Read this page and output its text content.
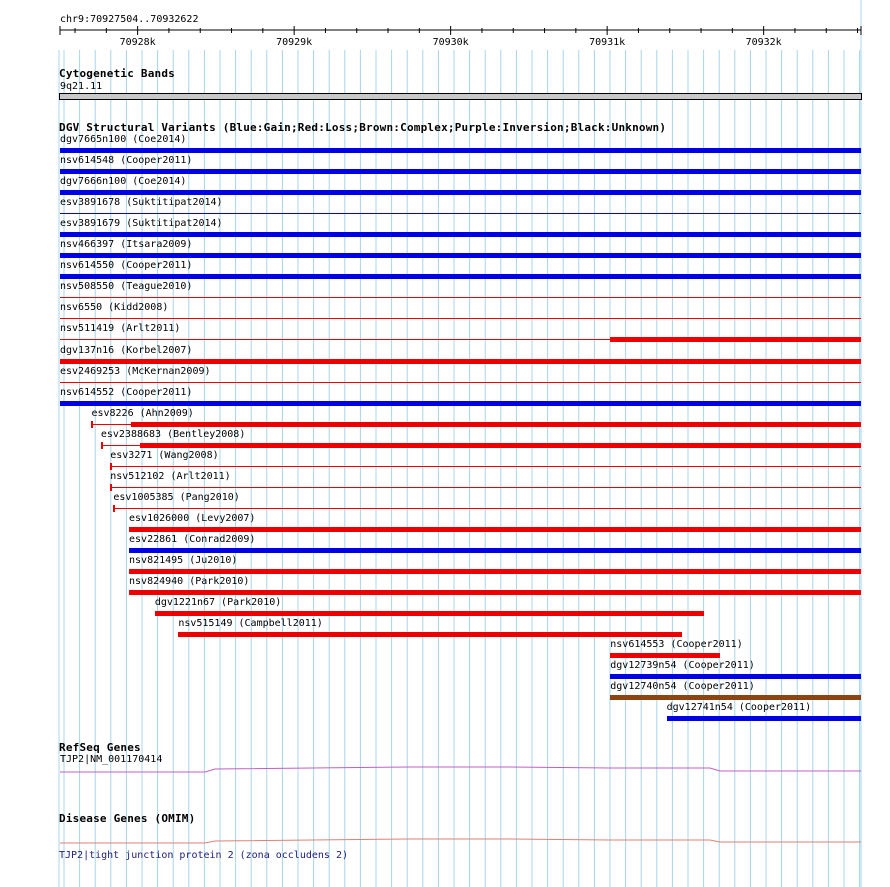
chr9:70927504..70932622
70928k	70929k	70930k	70931k	70932k
Cytogenetic Bands
9q21.11
DGV Structural Variants (Blue:Gain;Red:Loss;Brown:Complex;Purple:Inversion;Black:Unknown)
dgv7665n100 (Coe2014)
nsv614548 (Cooper2011)
dgv7666n100 (Coe2014)
esv3891678 (Suktitipat2014)
esv3891679 (Suktitipat2014)
nsv466397 (Itsara2009)
nsv614550 (Cooper2011)
nsv508550 (Teague2010)
nsv6550 (Kidd2008)
nsv511419 (Arlt2011)
dgv137n16 (Korbel2007)
esv2469253 (McKernan2009)
nsv614552 (Cooper2011)
esv8226 (Ahn2009)
esv2388683 (Bentley2008)
esv3271 (Wang2008)
nsv512102 (Arlt2011)
esv1005385 (Pang2010)
esv1026000 (Levy2007)
esv22861 (Conrad2009)
nsv821495 (Ju2010)
nsv824940 (Park2010)
dgv1221n67 (Park2010)
nsv515149 (Campbell2011)
nsv614553 (Cooper2011)
dgv12739n54 (Cooper2011)
dgv12740n54 (Cooper2011)
dgv12741n54 (Cooper2011)
RefSeq Genes
TJP2|NM_001170414
Disease Genes (OMIM)
TJP2|tight junction protein 2 (zona occludens 2)
